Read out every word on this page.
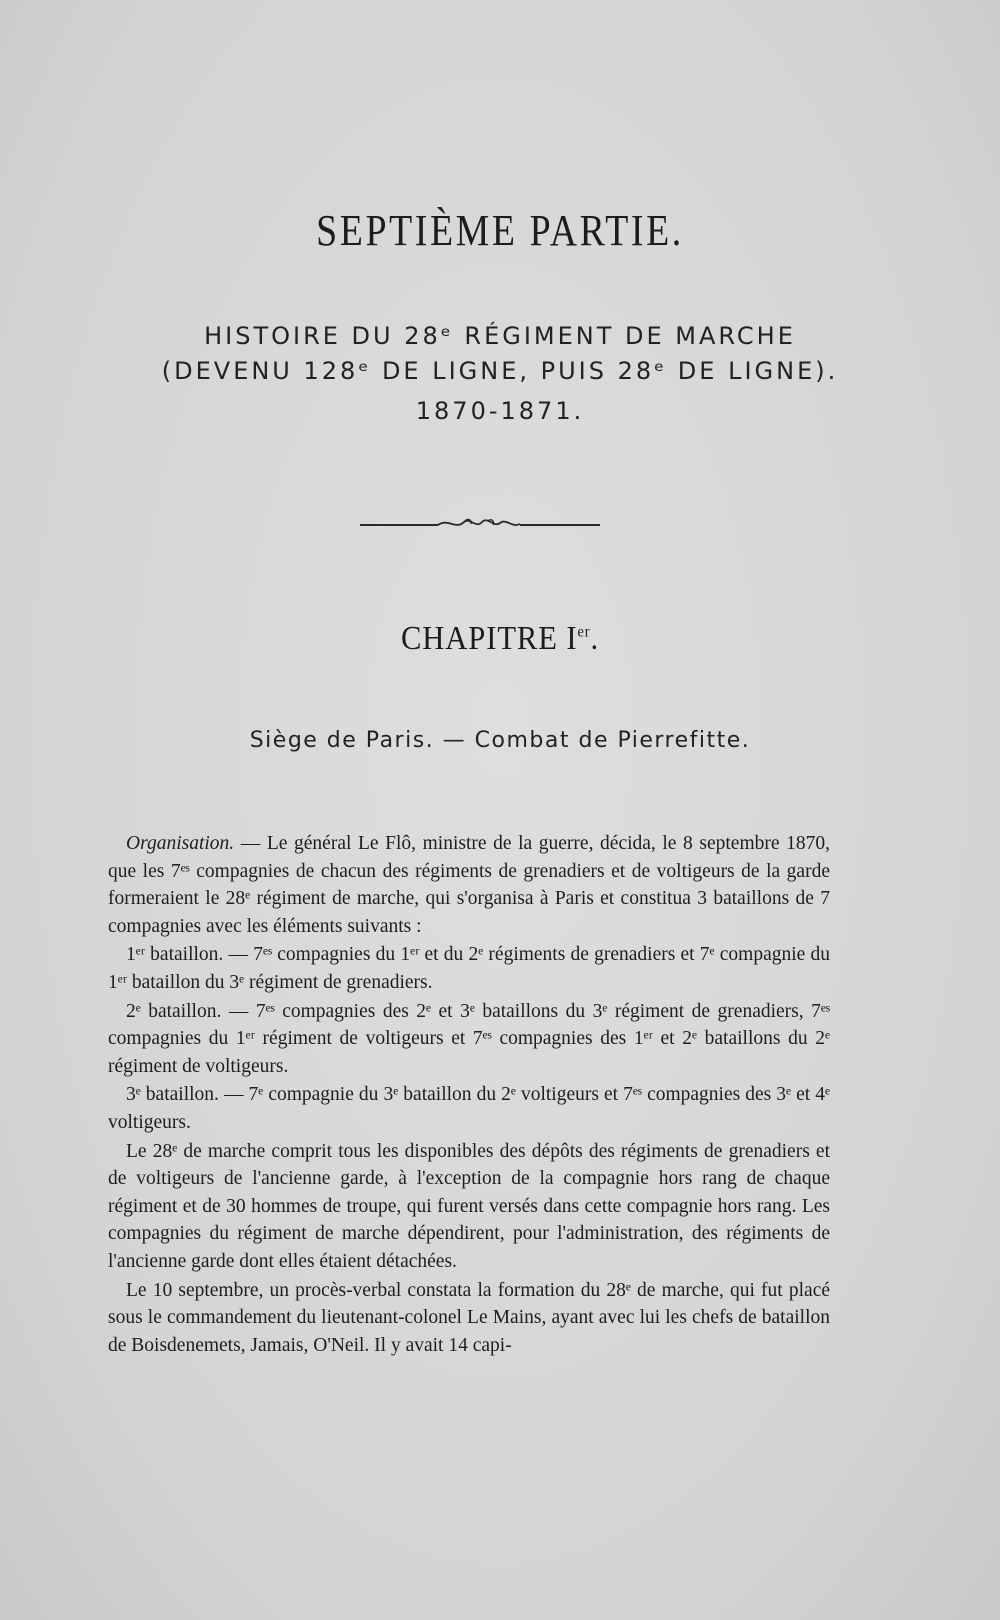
SEPTIÈME PARTIE.
HISTOIRE DU 28ᵉ RÉGIMENT DE MARCHE
(DEVENU 128ᵉ DE LIGNE, PUIS 28ᵉ DE LIGNE).
1870-1871.
CHAPITRE Ier.
Siège de Paris. — Combat de Pierrefitte.

Organisation. — Le général Le Flô, ministre de la guerre, décida, le 8 septembre 1870, que les 7ᵉˢ compagnies de chacun des régiments de grenadiers et de voltigeurs de la garde formeraient le 28ᵉ régiment de marche, qui s'organisa à Paris et constitua 3 bataillons de 7 compagnies avec les éléments suivants :

1ᵉʳ bataillon. — 7ᵉˢ compagnies du 1ᵉʳ et du 2ᵉ régiments de grenadiers et 7ᵉ compagnie du 1ᵉʳ bataillon du 3ᵉ régiment de grenadiers.

2ᵉ bataillon. — 7ᵉˢ compagnies des 2ᵉ et 3ᵉ bataillons du 3ᵉ régiment de grenadiers, 7ᵉˢ compagnies du 1ᵉʳ régiment de voltigeurs et 7ᵉˢ compagnies des 1ᵉʳ et 2ᵉ bataillons du 2ᵉ régiment de voltigeurs.

3ᵉ bataillon. — 7ᵉ compagnie du 3ᵉ bataillon du 2ᵉ voltigeurs et 7ᵉˢ compagnies des 3ᵉ et 4ᵉ voltigeurs.

Le 28ᵉ de marche comprit tous les disponibles des dépôts des régiments de grenadiers et de voltigeurs de l'ancienne garde, à l'exception de la compagnie hors rang de chaque régiment et de 30 hommes de troupe, qui furent versés dans cette compagnie hors rang. Les compagnies du régiment de marche dépendirent, pour l'administration, des régiments de l'ancienne garde dont elles étaient détachées.

Le 10 septembre, un procès-verbal constata la formation du 28ᵉ de marche, qui fut placé sous le commandement du lieutenant-colonel Le Mains, ayant avec lui les chefs de bataillon de Boisdenemets, Jamais, O'Neil. Il y avait 14 capi-
